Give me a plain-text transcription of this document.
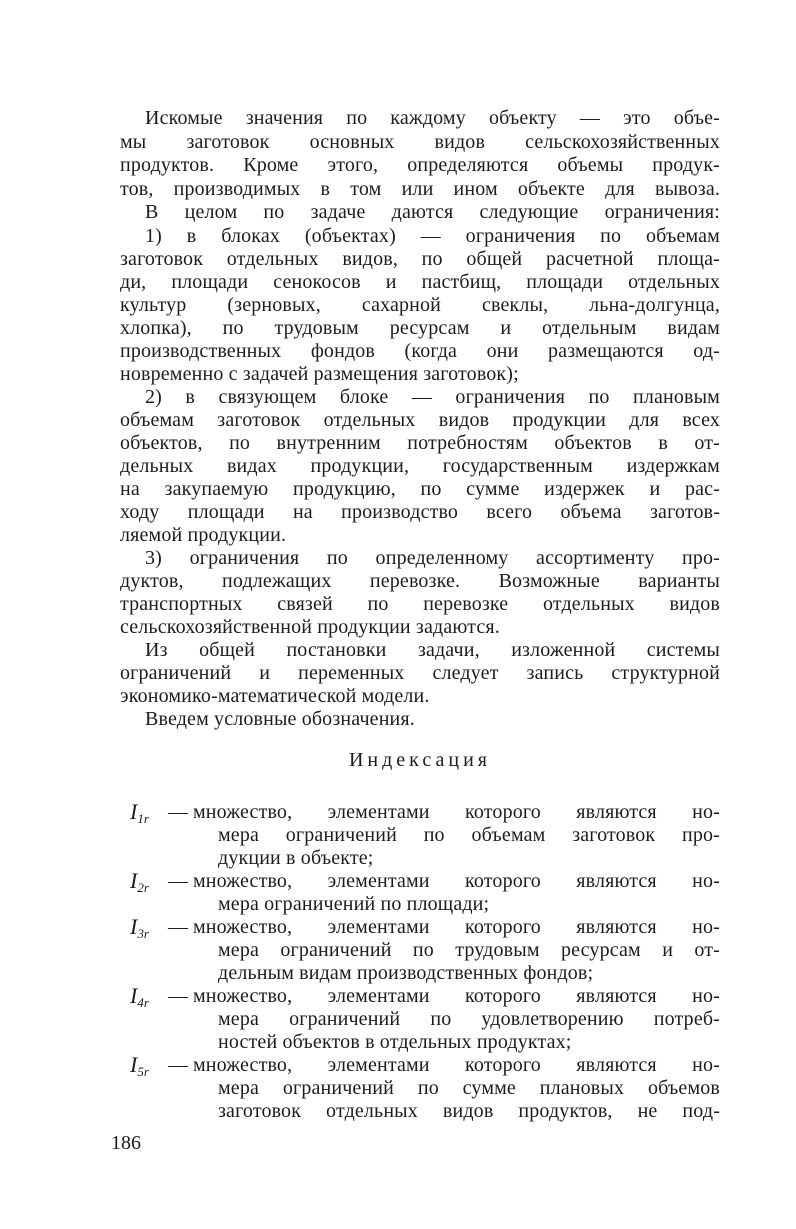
Искомые значения по каждому объекту — это объе-
мы заготовок основных видов сельскохозяйственных
продуктов. Кроме этого, определяются объемы продук-
тов, производимых в том или ином объекте для вывоза.
В целом по задаче даются следующие ограничения:
1) в блоках (объектах) — ограничения по объемам
заготовок отдельных видов, по общей расчетной площа-
ди, площади сенокосов и пастбищ, площади отдельных
культур (зерновых, сахарной свеклы, льна-долгунца,
хлопка), по трудовым ресурсам и отдельным видам
производственных фондов (когда они размещаются од-
новременно с задачей размещения заготовок);
2) в связующем блоке — ограничения по плановым
объемам заготовок отдельных видов продукции для всех
объектов, по внутренним потребностям объектов в от-
дельных видах продукции, государственным издержкам
на закупаемую продукцию, по сумме издержек и рас-
ходу площади на производство всего объема заготов-
ляемой продукции.
3) ограничения по определенному ассортименту про-
дуктов, подлежащих перевозке. Возможные варианты
транспортных связей по перевозке отдельных видов
сельскохозяйственной продукции задаются.
Из общей постановки задачи, изложенной системы
ограничений и переменных следует запись структурной
экономико-математической модели.
Введем условные обозначения.
Индексация
$I_{1r}$ — множество, элементами которого являются но-
мера ограничений по объемам заготовок про-
дукции в объекте;
$I_{2r}$ — множество, элементами которого являются но-
мера ограничений по площади;
$I_{3r}$ — множество, элементами которого являются но-
мера ограничений по трудовым ресурсам и от-
дельным видам производственных фондов;
$I_{4r}$ — множество, элементами которого являются но-
мера ограничений по удовлетворению потреб-
ностей объектов в отдельных продуктах;
$I_{5r}$ — множество, элементами которого являются но-
мера ограничений по сумме плановых объемов
заготовок отдельных видов продуктов, не под-
186
